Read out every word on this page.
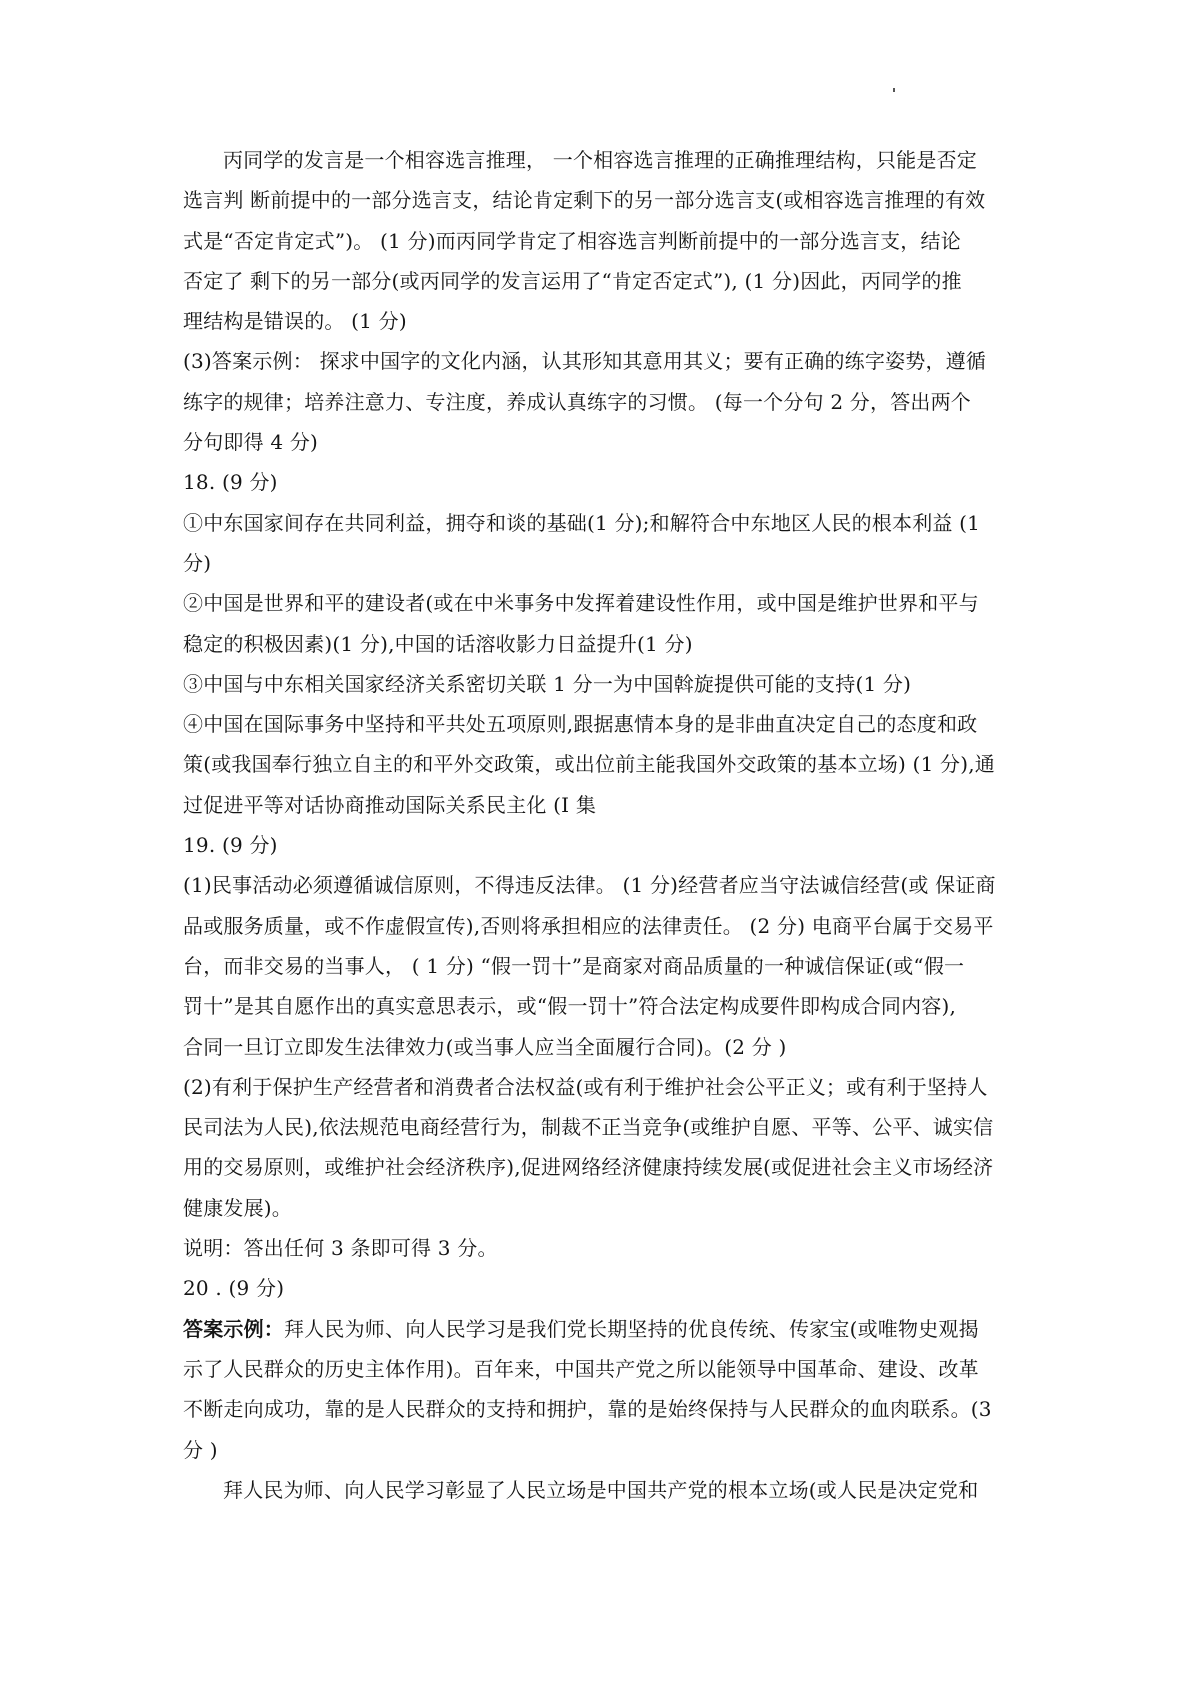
丙同学的发言是一个相容选言推理， 一个相容选言推理的正确推理结构，只能是否定
选言判 断前提中的一部分选言支，结论肯定剩下的另一部分选言支(或相容选言推理的有效
式是“否定肯定式”)。 (1 分)而丙同学肯定了相容选言判断前提中的一部分选言支，结论
否定了 剩下的另一部分(或丙同学的发言运用了“肯定否定式”), (1 分)因此，丙同学的推
理结构是错误的。 (1 分)
(3)答案示例： 探求中国字的文化内涵，认其形知其意用其义；要有正确的练字姿势，遵循
练字的规律；培养注意力、专注度，养成认真练字的习惯。 (每一个分句 2 分，答出两个
分句即得 4 分)
18. (9 分)
①中东国家间存在共同利益，拥夺和谈的基础(1 分);和解符合中东地区人民的根本利益 (1
分)
②中国是世界和平的建设者(或在中米事务中发挥着建设性作用，或中国是维护世界和平与
稳定的积极因素)(1 分),中国的话溶收影力日益提升(1 分)
③中国与中东相关国家经济关系密切关联 1 分一为中国斡旋提供可能的支持(1 分)
④中国在国际事务中坚持和平共处五项原则,跟据惠情本身的是非曲直决定自己的态度和政
策(或我国奉行独立自主的和平外交政策，或出位前主能我国外交政策的基本立场) (1 分),通
过促进平等对话协商推动国际关系民主化 (I 集
19. (9 分)
(1)民事活动必须遵循诚信原则，不得违反法律。 (1 分)经营者应当守法诚信经营(或 保证商
品或服务质量，或不作虚假宣传),否则将承担相应的法律责任。 (2 分) 电商平台属于交易平
台，而非交易的当事人， ( 1 分) “假一罚十”是商家对商品质量的一种诚信保证(或“假一
罚十”是其自愿作出的真实意思表示，或“假一罚十”符合法定构成要件即构成合同内容),
合同一旦订立即发生法律效力(或当事人应当全面履行合同)。(2 分 )
(2)有利于保护生产经营者和消费者合法权益(或有利于维护社会公平正义；或有利于坚持人
民司法为人民),依法规范电商经营行为，制裁不正当竞争(或维护自愿、平等、公平、诚实信
用的交易原则，或维护社会经济秩序),促进网络经济健康持续发展(或促进社会主义市场经济
健康发展)。
说明：答出任何 3 条即可得 3 分。
20 . (9 分)
答案示例：拜人民为师、向人民学习是我们党长期坚持的优良传统、传家宝(或唯物史观揭
示了人民群众的历史主体作用)。百年来，中国共产党之所以能领导中国革命、建设、改革
不断走向成功，靠的是人民群众的支持和拥护，靠的是始终保持与人民群众的血肉联系。(3
分 )
拜人民为师、向人民学习彰显了人民立场是中国共产党的根本立场(或人民是决定党和
